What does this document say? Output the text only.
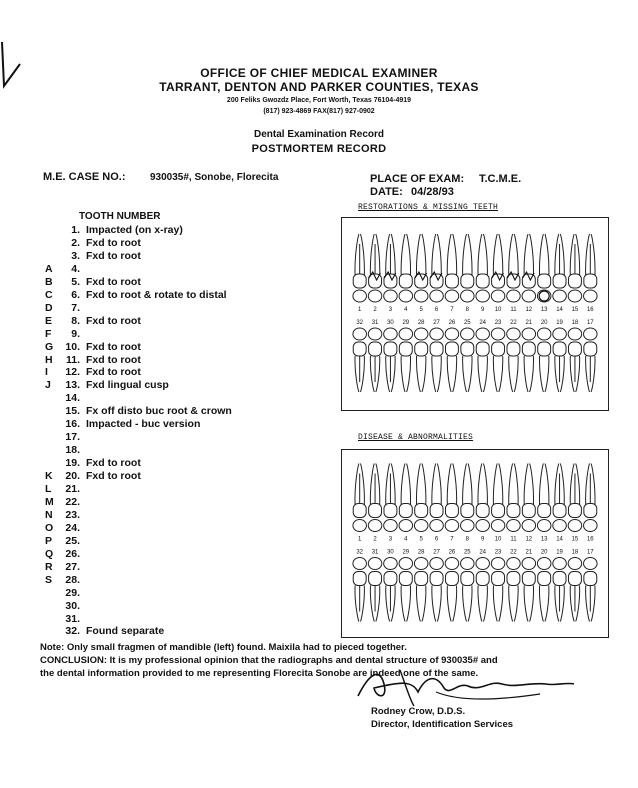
OFFICE OF CHIEF MEDICAL EXAMINER
TARRANT, DENTON AND PARKER COUNTIES, TEXAS
200 Feliks Gwozdz Place, Fort Worth, Texas 76104-4919
(817) 923-4869 FAX(817) 927-0902
Dental Examination Record
POSTMORTEM RECORD
M.E. CASE NO.: 930035#, Sonobe, Florecita	PLACE OF EXAM: T.C.M.E.
DATE: 04/28/93
TOOTH NUMBER
1. Impacted (on x-ray)
2. Fxd to root
3. Fxd to root
4.
5. Fxd to root
6. Fxd to root & rotate to distal
7.
8. Fxd to root
9.
10. Fxd to root
11. Fxd to root
12. Fxd to root
13. Fxd lingual cusp
14.
15. Fx off disto buc root & crown
16. Impacted - buc version
17.
18.
19. Fxd to root
20. Fxd to root
21.
22.
23.
24.
25.
26.
27.
28.
29.
30.
31.
32. Found separate
A
B
C
D
E
F
G
H
I
J
K
L
M
N
O
P
Q
R
S
RESTORATIONS & MISSING TEETH
1 2 3 4 5 6 7 8 9 10 11 12 13 14 15 16
32 31 30 29 28 27 26 25 24 23 22 21 20 19 18 17
DISEASE & ABNORMALITIES
1 2 3 4 5 6 7 8 9 10 11 12 13 14 15 16
32 31 30 29 28 27 26 25 24 23 22 21 20 19 18 17
Note: Only small fragmen of mandible (left) found. Maixila had to pieced together.
CONCLUSION: It is my professional opinion that the radiographs and dental structure of 930035# and
the dental information provided to me representing Florecita Sonobe are indeed one of the same.
Rodney Crow, D.D.S.
Director, Identification Services
